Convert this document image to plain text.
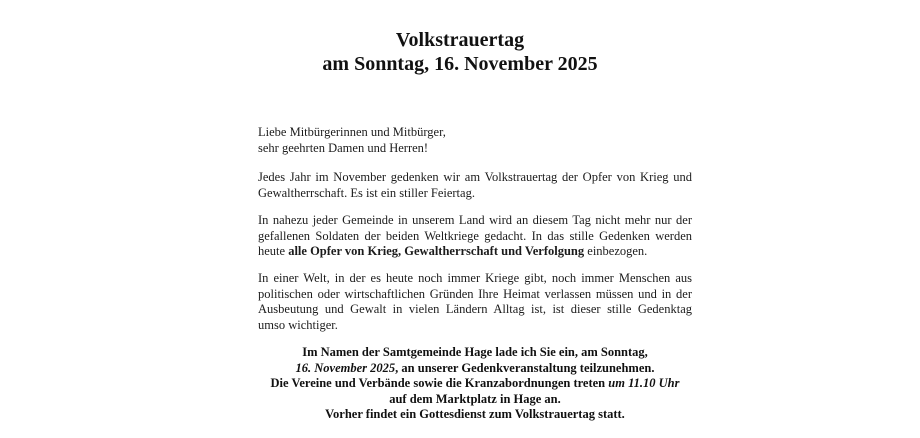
Volkstrauertag
am Sonntag, 16. November 2025
Liebe Mitbürgerinnen und Mitbürger,
sehr geehrten Damen und Herren!
Jedes Jahr im November gedenken wir am Volkstrauertag der Opfer von Krieg und
Gewaltherrschaft. Es ist ein stiller Feiertag.
In nahezu jeder Gemeinde in unserem Land wird an diesem Tag nicht mehr nur der
gefallenen Soldaten der beiden Weltkriege gedacht. In das stille Gedenken werden
heute alle Opfer von Krieg, Gewaltherrschaft und Verfolgung einbezogen.
In einer Welt, in der es heute noch immer Kriege gibt, noch immer Menschen aus
politischen oder wirtschaftlichen Gründen Ihre Heimat verlassen müssen und in der
Ausbeutung und Gewalt in vielen Ländern Alltag ist, ist dieser stille Gedenktag
umso wichtiger.
Im Namen der Samtgemeinde Hage lade ich Sie ein, am Sonntag,
16. November 2025, an unserer Gedenkveranstaltung teilzunehmen.
Die Vereine und Verbände sowie die Kranzabordnungen treten um 11.10 Uhr
auf dem Marktplatz in Hage an.
Vorher findet ein Gottesdienst zum Volkstrauertag statt.
